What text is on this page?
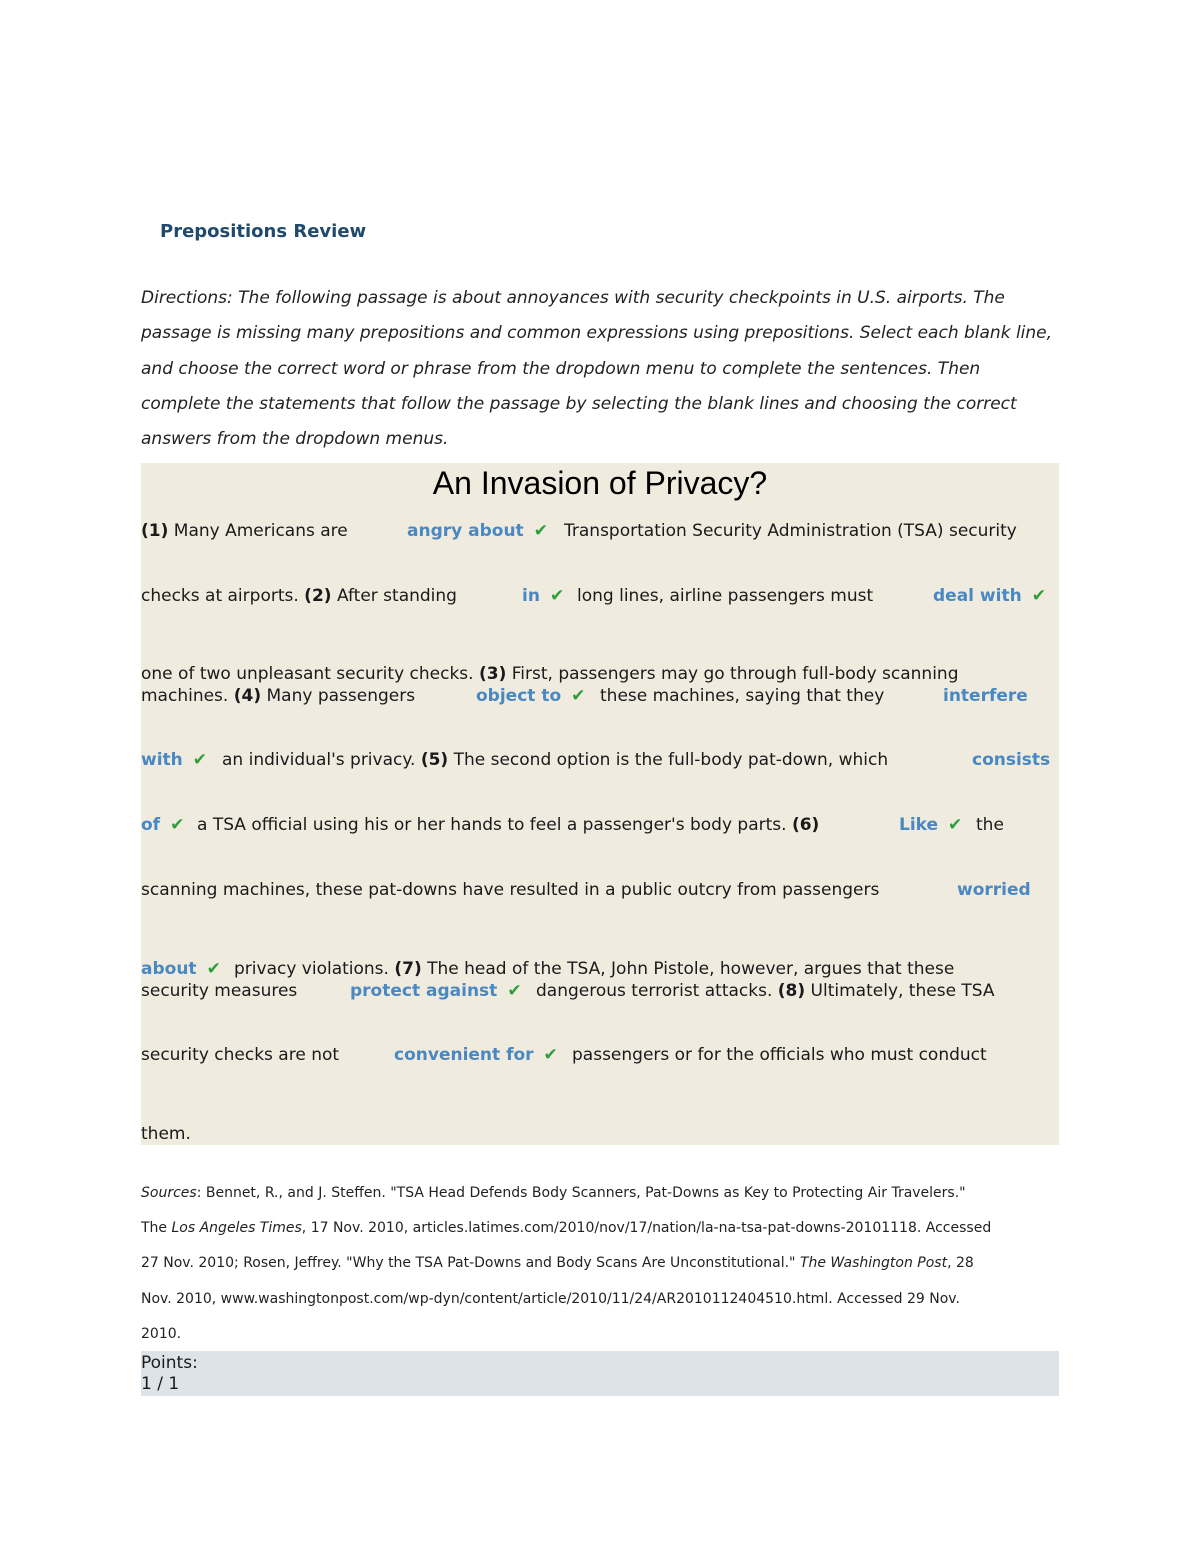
Prepositions Review
Directions: The following passage is about annoyances with security checkpoints in U.S. airports. The passage is missing many prepositions and common expressions using prepositions. Select each blank line, and choose the correct word or phrase from the dropdown menu to complete the sentences. Then complete the statements that follow the passage by selecting the blank lines and choosing the correct answers from the dropdown menus.
An Invasion of Privacy?
(1) Many Americans are	angry about ✔ Transportation Security Administration (TSA) security
checks at airports. (2) After standing	in ✔ long lines, airline passengers must	deal with ✔
one of two unpleasant security checks. (3) First, passengers may go through full-body scanning
machines. (4) Many passengers	object to ✔ these machines, saying that they	interfere
with ✔ an individual's privacy. (5) The second option is the full-body pat-down, which	consists
of ✔ a TSA official using his or her hands to feel a passenger's body parts. (6)	Like ✔ the
scanning machines, these pat-downs have resulted in a public outcry from passengers	worried
about ✔ privacy violations. (7) The head of the TSA, John Pistole, however, argues that these
security measures	protect against ✔ dangerous terrorist attacks. (8) Ultimately, these TSA
security checks are not	convenient for ✔ passengers or for the officials who must conduct
them.
Sources: Bennet, R., and J. Steffen. "TSA Head Defends Body Scanners, Pat-Downs as Key to Protecting Air Travelers."
The Los Angeles Times, 17 Nov. 2010, articles.latimes.com/2010/nov/17/nation/la-na-tsa-pat-downs-20101118. Accessed
27 Nov. 2010; Rosen, Jeffrey. "Why the TSA Pat-Downs and Body Scans Are Unconstitutional." The Washington Post, 28
Nov. 2010, www.washingtonpost.com/wp-dyn/content/article/2010/11/24/AR2010112404510.html. Accessed 29 Nov.
2010.
Points:
1 / 1
